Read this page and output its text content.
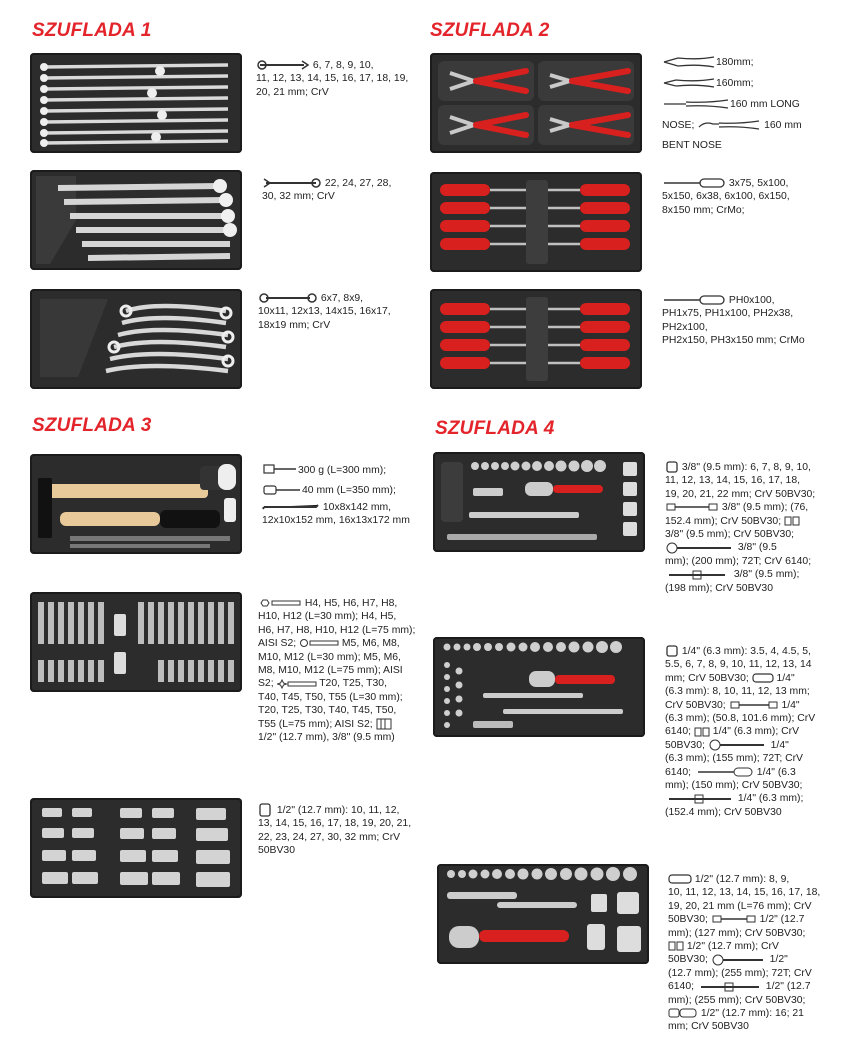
SZUFLADA 1	SZUFLADA 2
SZUFLADA 3	SZUFLADA 4
6, 7, 8, 9, 10,
11, 12, 13, 14, 15, 16, 17, 18, 19,
20, 21 mm; CrV
22, 24, 27, 28,
30, 32 mm; CrV
6x7, 8x9,
10x11, 12x13, 14x15, 16x17,
18x19 mm; CrV
180mm;
160mm;
160 mm LONG
NOSE;	160 mm
BENT NOSE
3x75, 5x100,
5x150, 6x38, 6x100, 6x150,
8x150 mm; CrMo;
PH0x100,
PH1x75, PH1x100, PH2x38,
PH2x100,
PH2x150, PH3x150 mm; CrMo
300 g (L=300 mm);
40 mm (L=350 mm);
10x8x142 mm,
12x10x152 mm, 16x13x172 mm
H4, H5, H6, H7, H8,
H10, H12 (L=30 mm); H4, H5,
H6, H7, H8, H10, H12 (L=75 mm);
AISI S2;	M5, M6, M8,
M10, M12 (L=30 mm); M5, M6,
M8, M10, M12 (L=75 mm); AISI
S2;	T20, T25, T30,
T40, T45, T50, T55 (L=30 mm);
T20, T25, T30, T40, T45, T50,
T55 (L=75 mm); AISI S2;
1/2" (12.7 mm), 3/8" (9.5 mm)
1/2" (12.7 mm): 10, 11, 12,
13, 14, 15, 16, 17, 18, 19, 20, 21,
22, 23, 24, 27, 30, 32 mm; CrV
50BV30
3/8" (9.5 mm): 6, 7, 8, 9, 10,
11, 12, 13, 14, 15, 16, 17, 18,
19, 20, 21, 22 mm; CrV 50BV30;
3/8" (9.5 mm); (76,
152.4 mm); CrV 50BV30;
3/8" (9.5 mm); CrV 50BV30;
3/8" (9.5
mm); (200 mm); 72T; CrV 6140;
3/8" (9.5 mm);
(198 mm); CrV 50BV30
1/4" (6.3 mm): 3.5, 4, 4.5, 5,
5.5, 6, 7, 8, 9, 10, 11, 12, 13, 14
mm; CrV 50BV30;	1/4"
(6.3 mm): 8, 10, 11, 12, 13 mm;
CrV 50BV30;	1/4"
(6.3 mm); (50.8, 101.6 mm); CrV
6140; 1/4" (6.3 mm); CrV
50BV30;	1/4"
(6.3 mm); (155 mm); 72T; CrV
6140;	1/4" (6.3
mm); (150 mm); CrV 50BV30;
1/4" (6.3 mm);
(152.4 mm); CrV 50BV30
1/2" (12.7 mm): 8, 9,
10, 11, 12, 13, 14, 15, 16, 17, 18,
19, 20, 21 mm (L=76 mm); CrV
50BV30;	1/2" (12.7
mm); (127 mm); CrV 50BV30;
1/2" (12.7 mm); CrV
50BV30;	1/2"
(12.7 mm); (255 mm); 72T; CrV
6140;	1/2" (12.7
mm); (255 mm); CrV 50BV30;
1/2" (12.7 mm): 16; 21
mm; CrV 50BV30
